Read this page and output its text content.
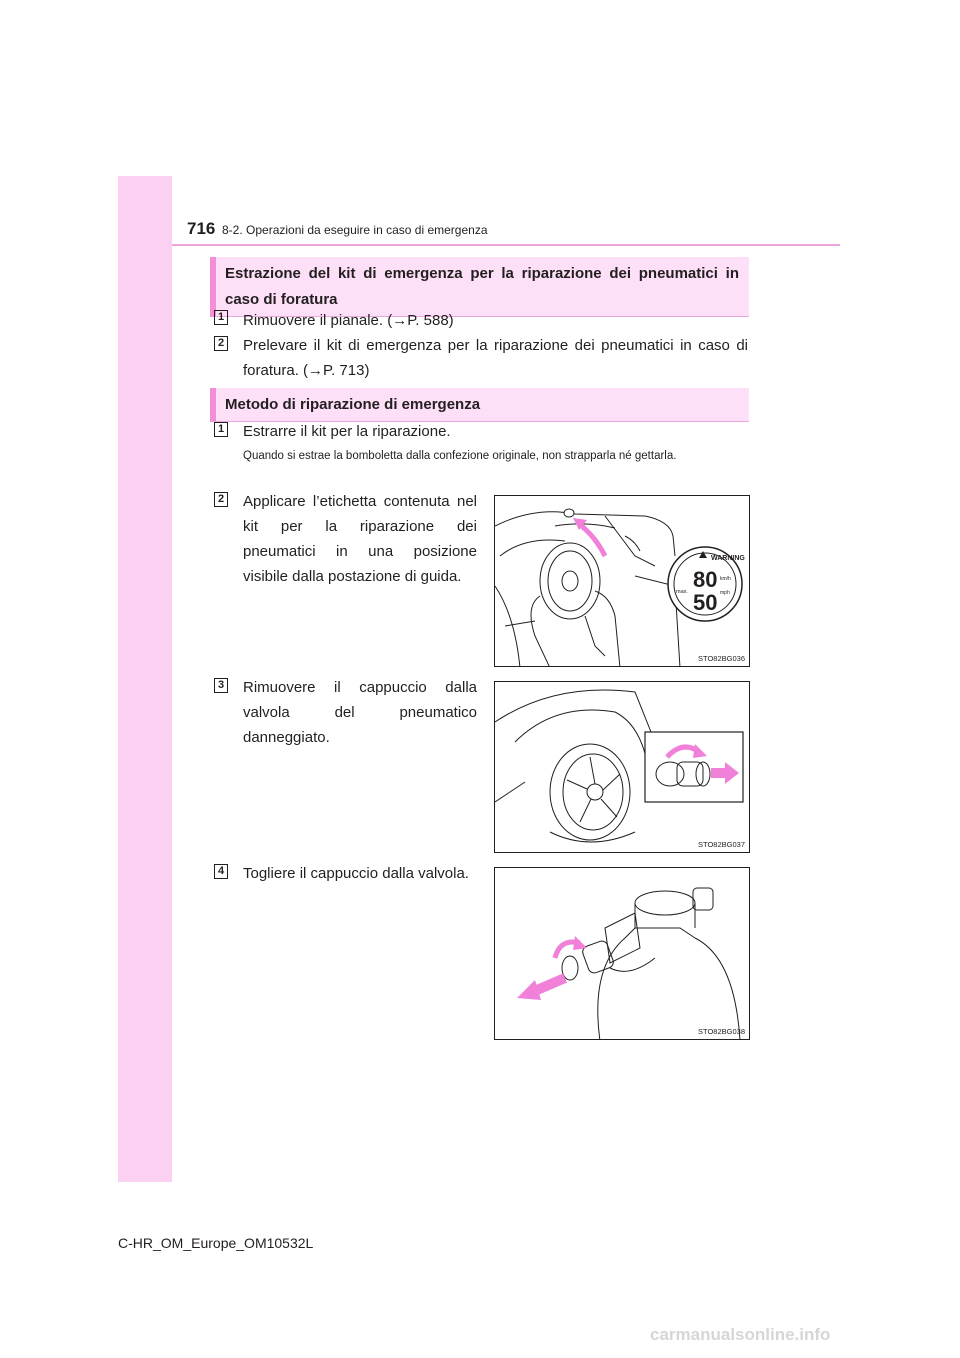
716 8-2. Operazioni da eseguire in caso di emergenza
Estrazione del kit di emergenza per la riparazione dei pneumatici in caso di foratura
1 Rimuovere il pianale. (→P. 588)
2 Prelevare il kit di emergenza per la riparazione dei pneumatici in caso di foratura. (→P. 713)
Metodo di riparazione di emergenza
1 Estrarre il kit per la riparazione.
Quando si estrae la bomboletta dalla confezione originale, non strapparla né gettarla.
2 Applicare l’etichetta contenuta nel kit per la riparazione dei pneumatici in una posizione visibile dalla postazione di guida.
3 Rimuovere il cappuccio dalla valvola del pneumatico danneggiato.
4 Togliere il cappuccio dalla valvola.
WARNING
80
50
max.
km/h
mph
STO82BG036
STO82BG037
STO82BG038
C-HR_OM_Europe_OM10532L
carmanualsonline.info
